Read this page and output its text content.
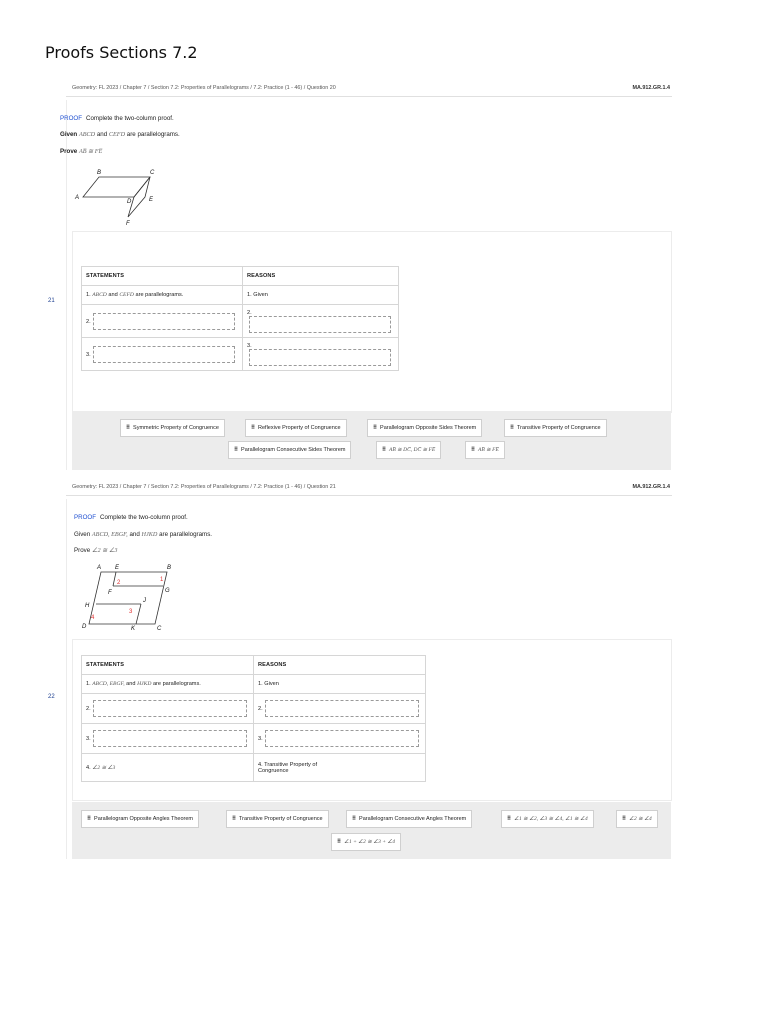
Proofs Sections 7.2
Geometry: FL 2023 / Chapter 7 / Section 7.2: Properties of Parallelograms / 7.2: Practice (1 - 46) / Question 20	MA.912.GR.1.4
21
PROOF Complete the two-column proof.
Given ABCD and CEFD are parallelograms.
Prove AB̅ ≅ FE̅
A
B	C
D	E
F
STATEMENTS	REASONS
1. ABCD and CEFD are parallelograms.	1. Given
2.	2.
3.	3.
⠿ Symmetric Property of Congruence	⠿ Reflexive Property of Congruence	⠿ Parallelogram Opposite Sides Theorem	⠿ Transitive Property of Congruence
⠿ Parallelogram Consecutive Sides Theorem	⠿ AB̅ ≅ DC̅, DC̅ ≅ FE̅	⠿ AB̅ ≅ FE̅
Geometry: FL 2023 / Chapter 7 / Section 7.2: Properties of Parallelograms / 7.2: Practice (1 - 46) / Question 21	MA.912.GR.1.4
22
PROOF Complete the two-column proof.
Given ABCD, EBGF, and HJKD are parallelograms.
Prove ∠2 ≅ ∠3
A E	B
F	G
H
J
D	K	C
1
2
3
4
STATEMENTS	REASONS
1. ABCD, EBGF, and HJKD are parallelograms.	1. Given
2.	2.
3.	3.
4. ∠2 ≅ ∠3	4. Transitive Property of
Congruence
⠿ Parallelogram Opposite Angles Theorem	⠿ Transitive Property of Congruence	⠿ Parallelogram Consecutive Angles Theorem	⠿ ∠1 ≅ ∠2, ∠3 ≅ ∠4, ∠1 ≅ ∠4	⠿ ∠2 ≅ ∠4
⠿ ∠1 + ∠2 ≅ ∠3 + ∠4
